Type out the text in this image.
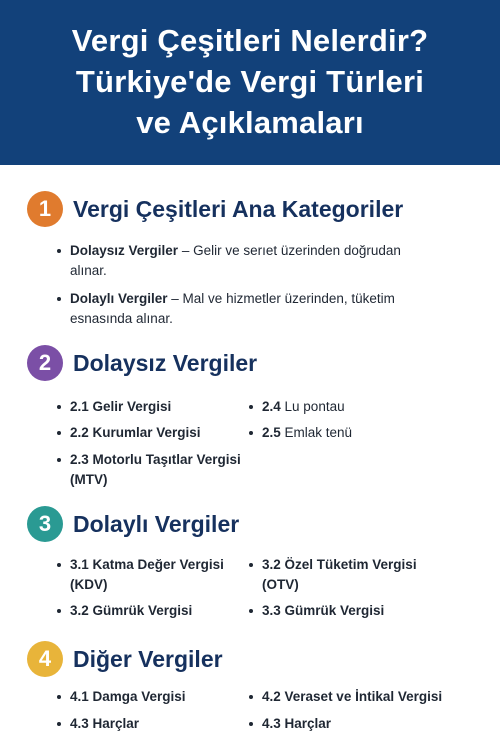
Vergi Çeşitleri Nelerdir?
Türkiye'de Vergi Türleri
ve Açıklamaları
1 Vergi Çeşitleri Ana Kategoriler
Dolaysız Vergiler – Gelir ve serıet üzerinden doğrudan
alınar.
Dolaylı Vergiler – Mal ve hizmetler üzerinden, tüketim
esnasında alınar.
2 Dolaysız Vergiler
2.1 Gelir Vergisi
2.2 Kurumlar Vergisi
2.3 Motorlu Taşıtlar Vergisi
(MTV)
2.4 Lu pontau
2.5 Emlak tenü
3 Dolaylı Vergiler
3.1 Katma Değer Vergisi
(KDV)
3.2 Gümrük Vergisi
3.2 Özel Tüketim Vergisi
(OTV)
3.3 Gümrük Vergisi
4 Diğer Vergiler
4.1 Damga Vergisi
4.3 Harçlar
4.2 Veraset ve İntikal Vergisi
4.3 Harçlar
